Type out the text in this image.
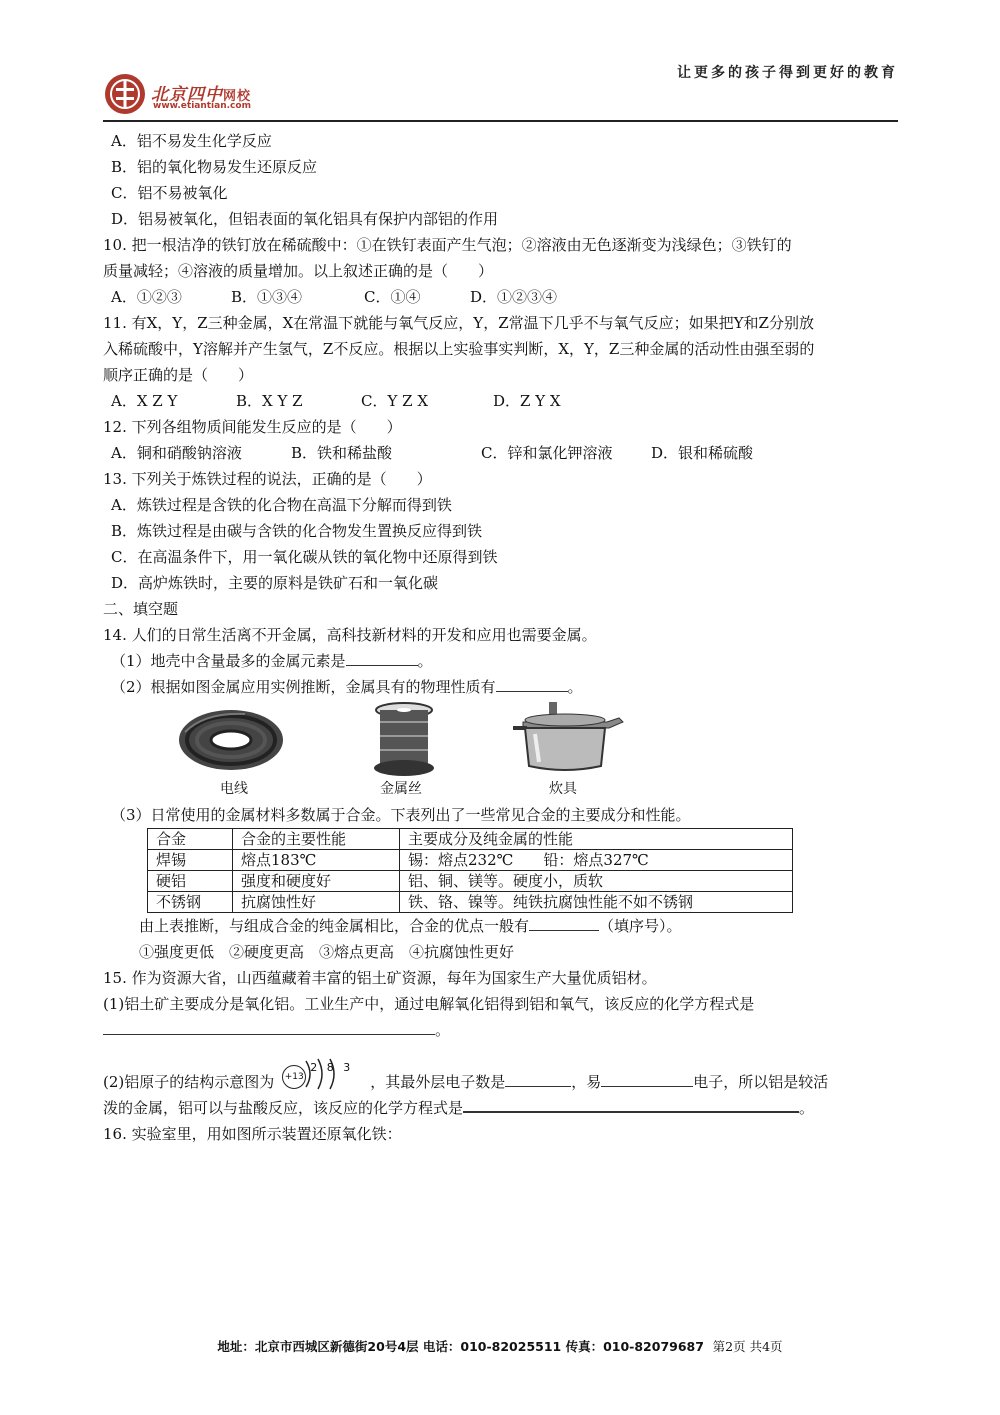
让更多的孩子得到更好的教育
北京四中网校
www.etiantian.com
A．铝不易发生化学反应
B．铝的氧化物易发生还原反应
C．铝不易被氧化
D．铝易被氧化，但铝表面的氧化铝具有保护内部铝的作用
10. 把一根洁净的铁钉放在稀硫酸中：①在铁钉表面产生气泡；②溶液由无色逐渐变为浅绿色；③铁钉的
质量减轻；④溶液的质量增加。以上叙述正确的是（　　）
A．①②③	B．①③④	C．①④	D．①②③④
11. 有X，Y，Z三种金属，X在常温下就能与氧气反应，Y，Z常温下几乎不与氧气反应；如果把Y和Z分别放
入稀硫酸中，Y溶解并产生氢气，Z不反应。根据以上实验事实判断，X，Y，Z三种金属的活动性由强至弱的
顺序正确的是（　　）
A．X Z Y	B．X Y Z	C．Y Z X	D．Z Y X
12. 下列各组物质间能发生反应的是（　　）
A．铜和硝酸钠溶液	B．铁和稀盐酸	C．锌和氯化钾溶液	D．银和稀硫酸
13. 下列关于炼铁过程的说法，正确的是（　　）
A．炼铁过程是含铁的化合物在高温下分解而得到铁
B．炼铁过程是由碳与含铁的化合物发生置换反应得到铁
C．在高温条件下，用一氧化碳从铁的氧化物中还原得到铁
D．高炉炼铁时，主要的原料是铁矿石和一氧化碳
二、填空题
14. 人们的日常生活离不开金属，高科技新材料的开发和应用也需要金属。
（1）地壳中含量最多的金属元素是	。
（2）根据如图金属应用实例推断，金属具有的物理性质有	。
电线	金属丝	炊具
（3）日常使用的金属材料多数属于合金。下表列出了一些常见合金的主要成分和性能。
合金	合金的主要性能	主要成分及纯金属的性能
焊锡	熔点183℃	锡：熔点232℃　　铅：熔点327℃
硬铝	强度和硬度好	铝、铜、镁等。硬度小，质软
不锈钢	抗腐蚀性好	铁、铬、镍等。纯铁抗腐蚀性能不如不锈钢
由上表推断，与组成合金的纯金属相比，合金的优点一般有	（填序号）。
①强度更低　②硬度更高　③熔点更高　④抗腐蚀性更好
15. 作为资源大省，山西蕴藏着丰富的铝土矿资源，每年为国家生产大量优质铝材。
(1)铝土矿主要成分是氧化铝。工业生产中，通过电解氧化铝得到铝和氧气，该反应的化学方程式是
。
(2)铝原子的结构示意图为 +13
2 8 3
，其最外层电子数是	，易	电子，所以铝是较活
泼的金属，铝可以与盐酸反应，该反应的化学方程式是	。
16. 实验室里，用如图所示装置还原氧化铁：
地址：北京市西城区新德街20号4层 电话：010-82025511 传真：010-82079687 第2页 共4页
